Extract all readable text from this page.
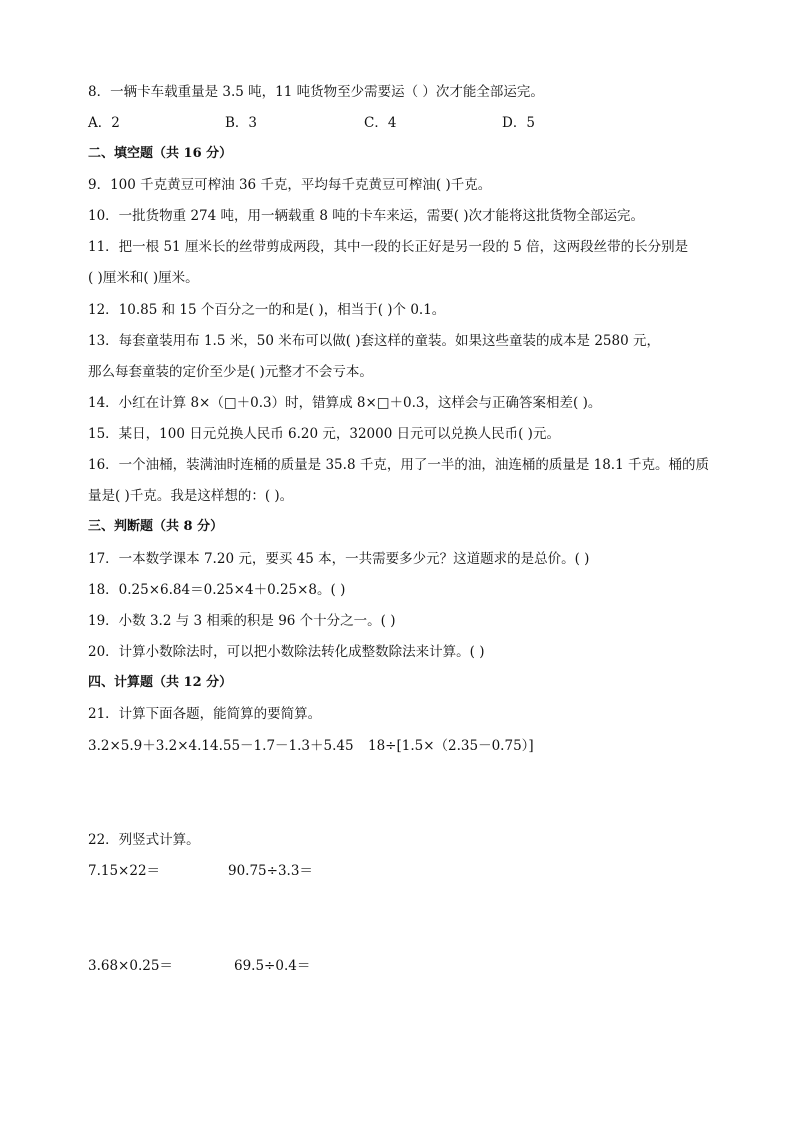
8．一辆卡车载重量是 3.5 吨，11 吨货物至少需要运（ ）次才能全部运完。
A．2	B．3	C．4	D．5
二、填空题（共 16 分）
9．100 千克黄豆可榨油 36 千克，平均每千克黄豆可榨油( )千克。
10．一批货物重 274 吨，用一辆载重 8 吨的卡车来运，需要( )次才能将这批货物全部运完。
11．把一根 51 厘米长的丝带剪成两段，其中一段的长正好是另一段的 5 倍，这两段丝带的长分别是
( )厘米和( )厘米。
12．10.85 和 15 个百分之一的和是( )，相当于( )个 0.1。
13．每套童装用布 1.5 米，50 米布可以做( )套这样的童装。如果这些童装的成本是 2580 元，
那么每套童装的定价至少是( )元整才不会亏本。
14．小红在计算 8×（□＋0.3）时，错算成 8×□＋0.3，这样会与正确答案相差( )。
15．某日，100 日元兑换人民币 6.20 元，32000 日元可以兑换人民币( )元。
16．一个油桶，装满油时连桶的质量是 35.8 千克，用了一半的油，油连桶的质量是 18.1 千克。桶的质
量是( )千克。我是这样想的：( )。
三、判断题（共 8 分）
17．一本数学课本 7.20 元，要买 45 本，一共需要多少元？这道题求的是总价。( )
18．0.25×6.84＝0.25×4＋0.25×8。( )
19．小数 3.2 与 3 相乘的积是 96 个十分之一。( )
20．计算小数除法时，可以把小数除法转化成整数除法来计算。( )
四、计算题（共 12 分）
21．计算下面各题，能简算的要简算。
3.2×5.9＋3.2×4.1 4.55－1.7－1.3＋5.45 18÷[1.5×（2.35－0.75）]
22．列竖式计算。
7.15×22＝	90.75÷3.3＝
3.68×0.25＝	69.5÷0.4＝
